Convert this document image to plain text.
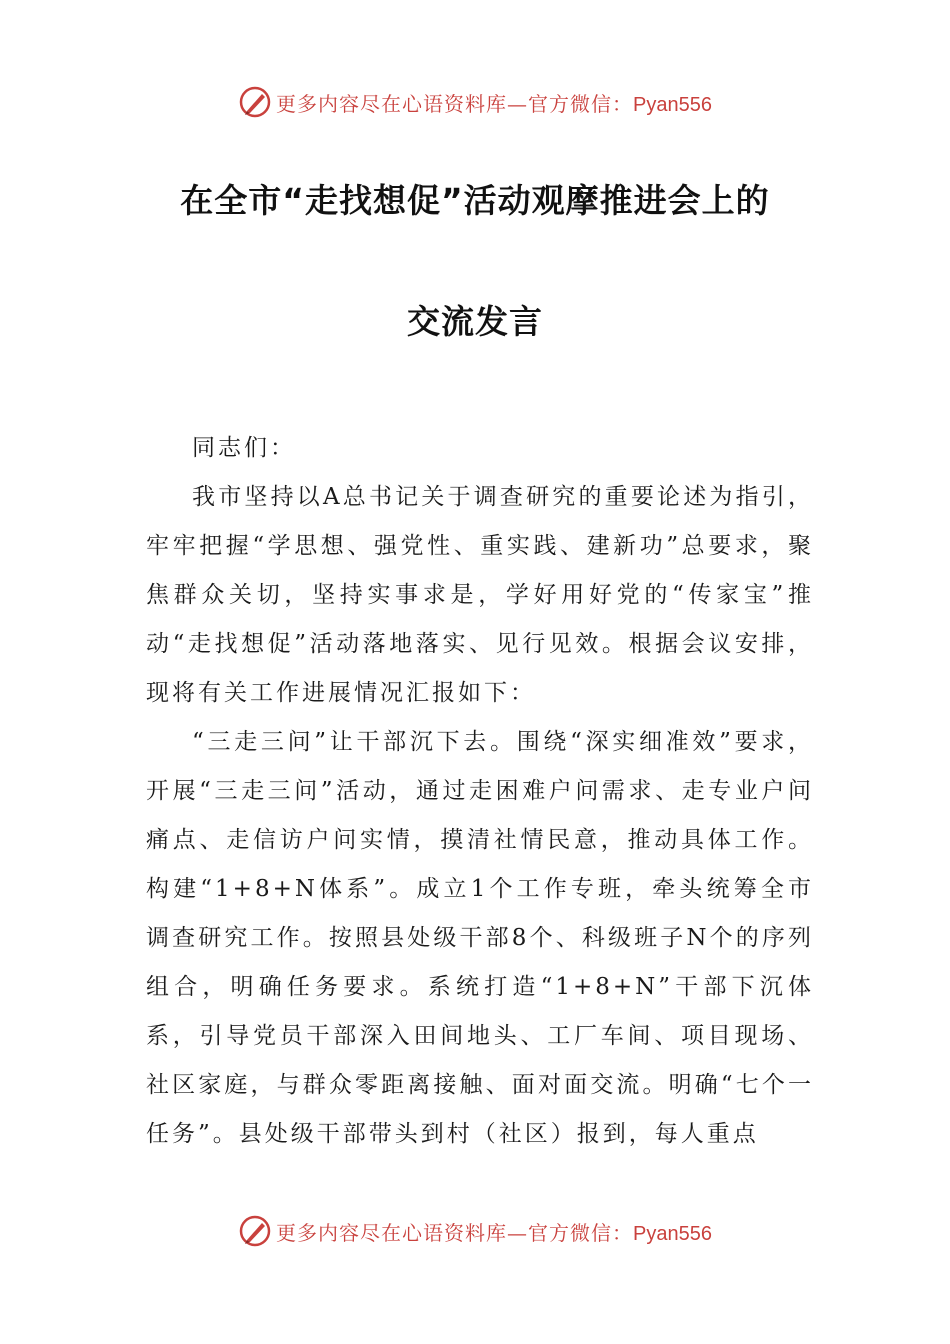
更多内容尽在心语资料库—官方微信：Pyan556
在全市“走找想促”活动观摩推进会上的
交流发言

同志们：

我市坚持以A总书记关于调查研究的重要论述为指引，牢牢把握“学思想、强党性、重实践、建新功”总要求，聚焦群众关切，坚持实事求是，学好用好党的“传家宝”推动“走找想促”活动落地落实、见行见效。根据会议安排，现将有关工作进展情况汇报如下：

“三走三问”让干部沉下去。围绕“深实细准效”要求，开展“三走三问”活动，通过走困难户问需求、走专业户问痛点、走信访户问实情，摸清社情民意，推动具体工作。构建“1+8+N体系”。成立1个工作专班，牵头统筹全市调查研究工作。按照县处级干部8个、科级班子N个的序列组合，明确任务要求。系统打造“1+8+N”干部下沉体系，引导党员干部深入田间地头、工厂车间、项目现场、社区家庭，与群众零距离接触、面对面交流。明确“七个一任务”。县处级干部带头到村（社区）报到，每人重点

更多内容尽在心语资料库—官方微信：Pyan556
